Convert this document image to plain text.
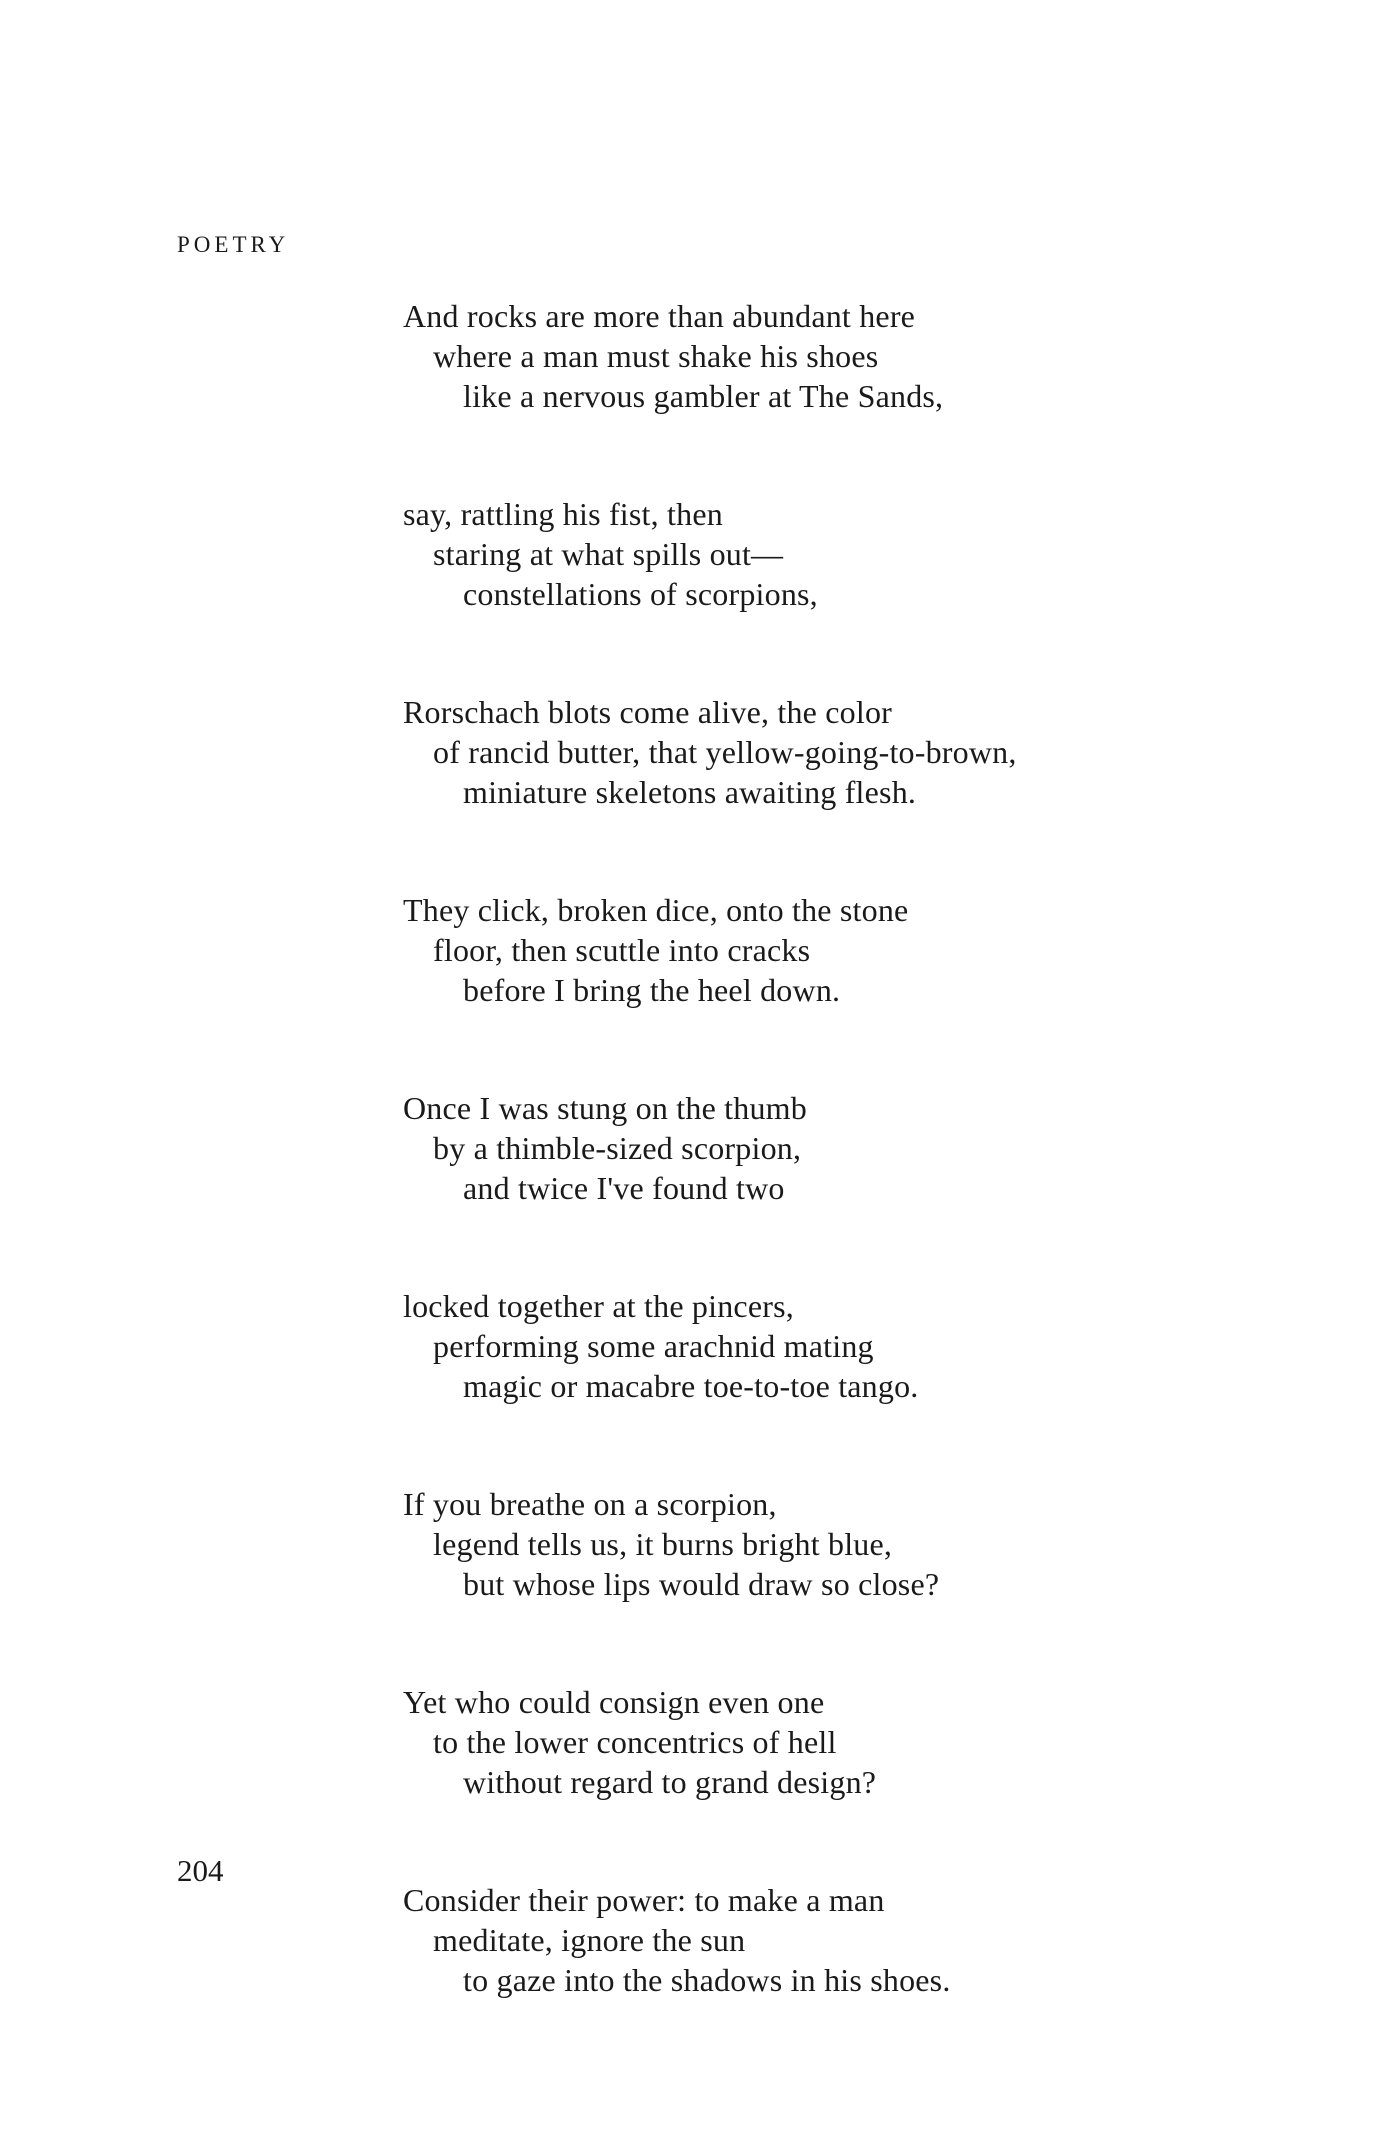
POETRY
And rocks are more than abundant here
where a man must shake his shoes
like a nervous gambler at The Sands,
say, rattling his fist, then
staring at what spills out—
constellations of scorpions,
Rorschach blots come alive, the color
of rancid butter, that yellow-going-to-brown,
miniature skeletons awaiting flesh.
They click, broken dice, onto the stone
floor, then scuttle into cracks
before I bring the heel down.
Once I was stung on the thumb
by a thimble-sized scorpion,
and twice I've found two
locked together at the pincers,
performing some arachnid mating
magic or macabre toe-to-toe tango.
If you breathe on a scorpion,
legend tells us, it burns bright blue,
but whose lips would draw so close?
Yet who could consign even one
to the lower concentrics of hell
without regard to grand design?
Consider their power: to make a man
meditate, ignore the sun
to gaze into the shadows in his shoes.
204
